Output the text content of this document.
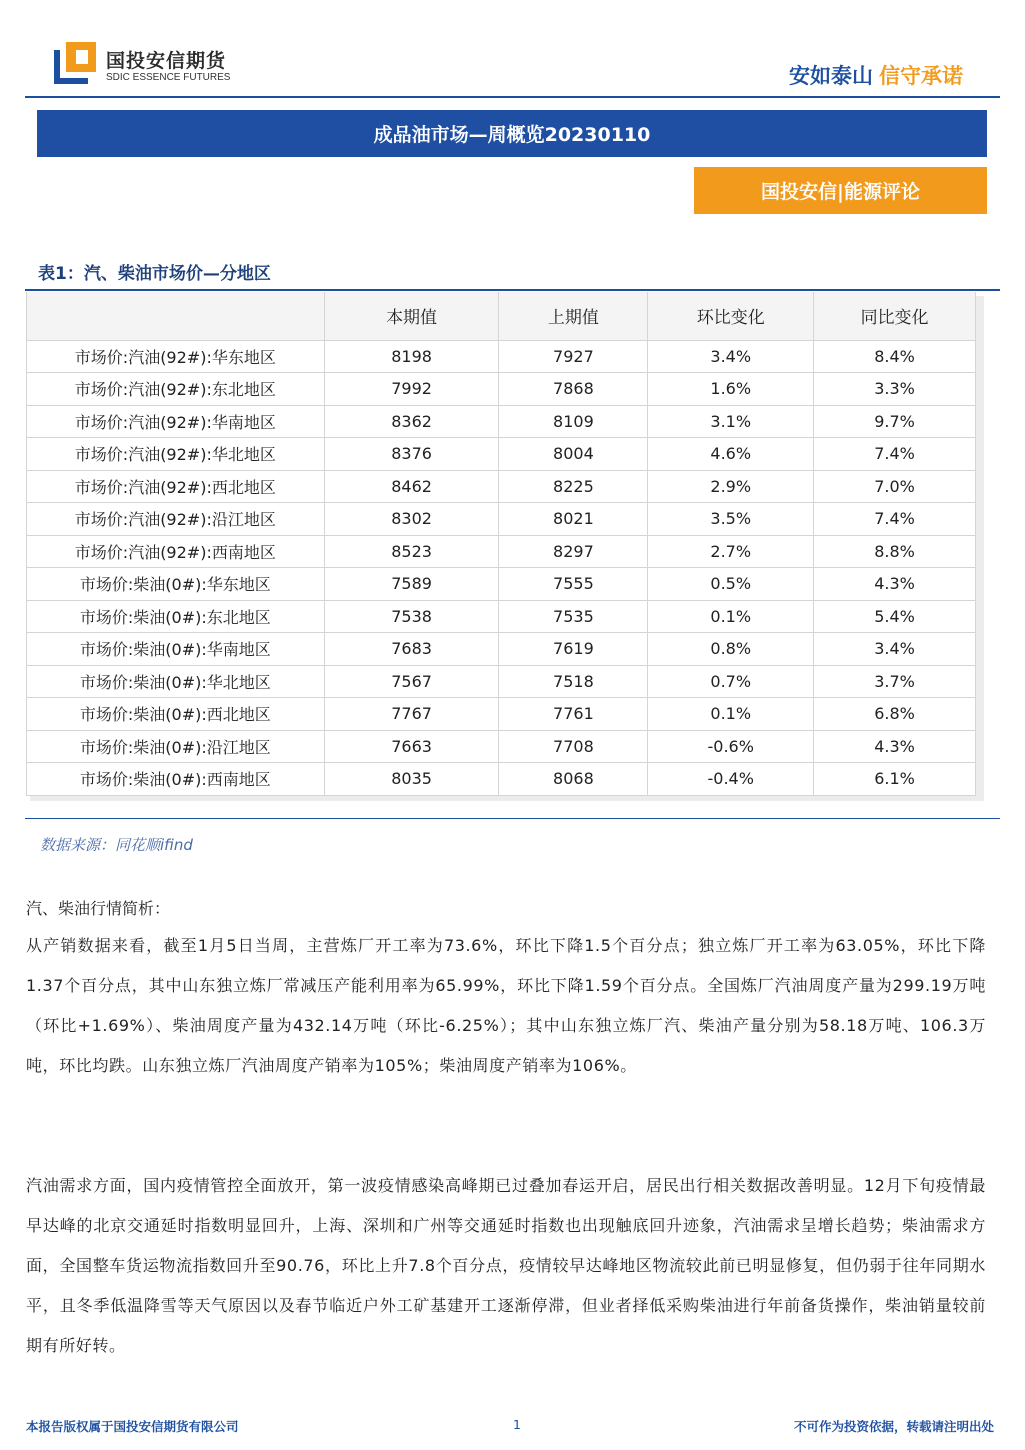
国投安信期货
SDIC ESSENCE FUTURES	安如泰山 信守承诺
成品油市场—周概览20230110
国投安信|能源评论
表1：汽、柴油市场价—分地区
	本期值	上期值	环比变化	同比变化
市场价:汽油(92#):华东地区	8198	7927	3.4%	8.4%
市场价:汽油(92#):东北地区	7992	7868	1.6%	3.3%
市场价:汽油(92#):华南地区	8362	8109	3.1%	9.7%
市场价:汽油(92#):华北地区	8376	8004	4.6%	7.4%
市场价:汽油(92#):西北地区	8462	8225	2.9%	7.0%
市场价:汽油(92#):沿江地区	8302	8021	3.5%	7.4%
市场价:汽油(92#):西南地区	8523	8297	2.7%	8.8%
市场价:柴油(0#):华东地区	7589	7555	0.5%	4.3%
市场价:柴油(0#):东北地区	7538	7535	0.1%	5.4%
市场价:柴油(0#):华南地区	7683	7619	0.8%	3.4%
市场价:柴油(0#):华北地区	7567	7518	0.7%	3.7%
市场价:柴油(0#):西北地区	7767	7761	0.1%	6.8%
市场价:柴油(0#):沿江地区	7663	7708	-0.6%	4.3%
市场价:柴油(0#):西南地区	8035	8068	-0.4%	6.1%
数据来源：同花顺ifind
汽、柴油行情简析：

从产销数据来看，截至1月5日当周，主营炼厂开工率为73.6%，环比下降1.5个百分点；独立炼厂开工率为63.05%，环比下降1.37个百分点，其中山东独立炼厂常减压产能利用率为65.99%，环比下降1.59个百分点。全国炼厂汽油周度产量为299.19万吨（环比+1.69%）、柴油周度产量为432.14万吨（环比-6.25%）；其中山东独立炼厂汽、柴油产量分别为58.18万吨、106.3万吨，环比均跌。山东独立炼厂汽油周度产销率为105%；柴油周度产销率为106%。

汽油需求方面，国内疫情管控全面放开，第一波疫情感染高峰期已过叠加春运开启，居民出行相关数据改善明显。12月下旬疫情最早达峰的北京交通延时指数明显回升，上海、深圳和广州等交通延时指数也出现触底回升迹象，汽油需求呈增长趋势；柴油需求方面，全国整车货运物流指数回升至90.76，环比上升7.8个百分点，疫情较早达峰地区物流较此前已明显修复，但仍弱于往年同期水平，且冬季低温降雪等天气原因以及春节临近户外工矿基建开工逐渐停滞，但业者择低采购柴油进行年前备货操作，柴油销量较前期有所好转。

本报告版权属于国投安信期货有限公司	1	不可作为投资依据，转载请注明出处
